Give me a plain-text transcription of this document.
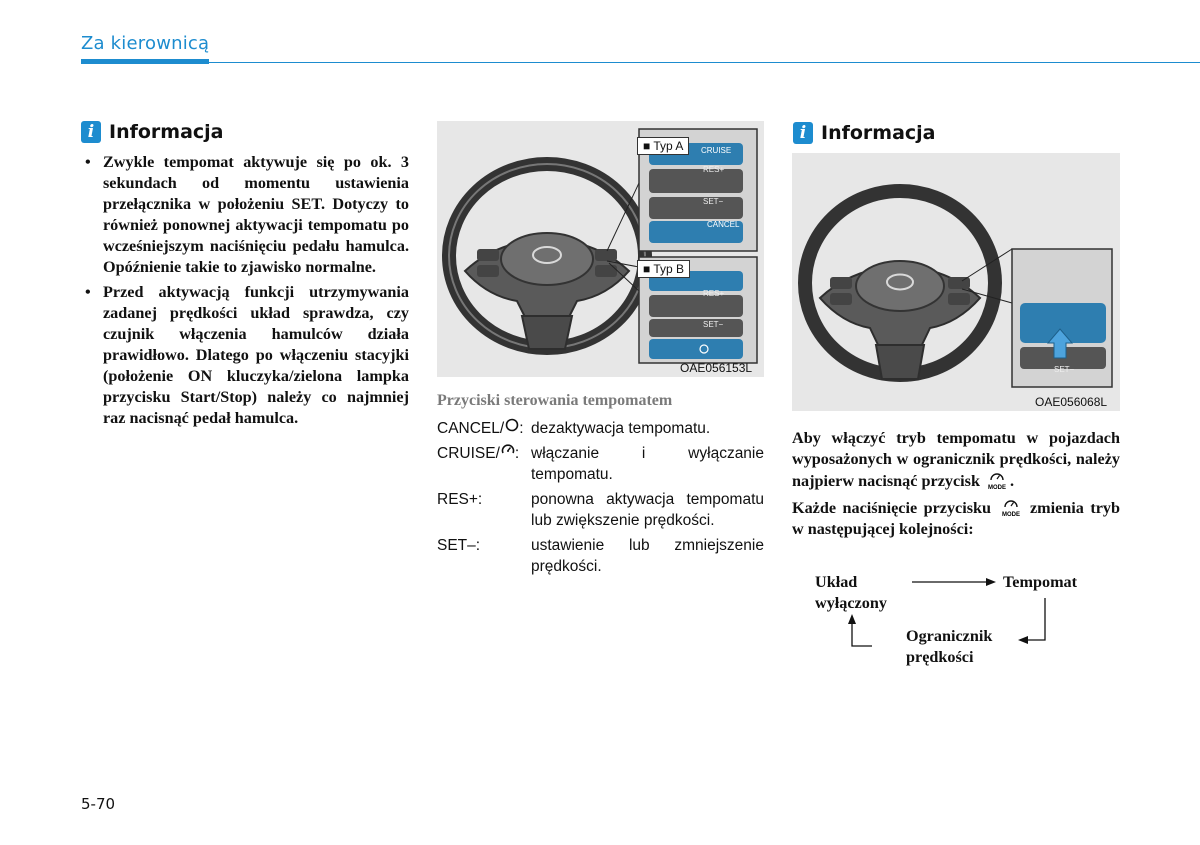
Za kierownicą
i Informacja
• Zwykle tempomat aktywuje się po ok. 3 sekundach od momentu ustawienia przełącznika w położeniu SET. Dotyczy to również ponownej aktywacji tempomatu po wcześniejszym naciśnięciu pedału hamulca. Opóźnienie takie to zjawisko normalne.
• Przed aktywacją funkcji utrzymywania zadanej prędkości układ sprawdza, czy czujnik włączenia hamulców działa prawidłowo. Dlatego po włączeniu stacyjki (położenie ON kluczyka/zielona lampka przycisku Start/Stop) należy co najmniej raz nacisnąć pedał hamulca.
■ Typ A	CRUISE
RES+
SET−
CANCEL
■ Typ B
RES+
SET−
OAE056153L
Przyciski sterowania tempomatem
CANCEL/ : dezaktywacja tempomatu.
CRUISE/ : włączanie i wyłączanie tempomatu.
RES+:	ponowna aktywacja tempomatu lub zwiększenie prędkości.
SET–:	ustawienie lub zmniejszenie prędkości.
i Informacja
SET−
OAE056068L
Aby włączyć tryb tempomatu w pojazdach wyposażonych w ogranicznik prędkości, należy najpierw nacisnąć przycisk MODE .
Każde naciśnięcie przycisku MODE zmienia tryb w następującej kolejności:
Układ
wyłączony
Tempomat
Ogranicznik
prędkości
5-70
